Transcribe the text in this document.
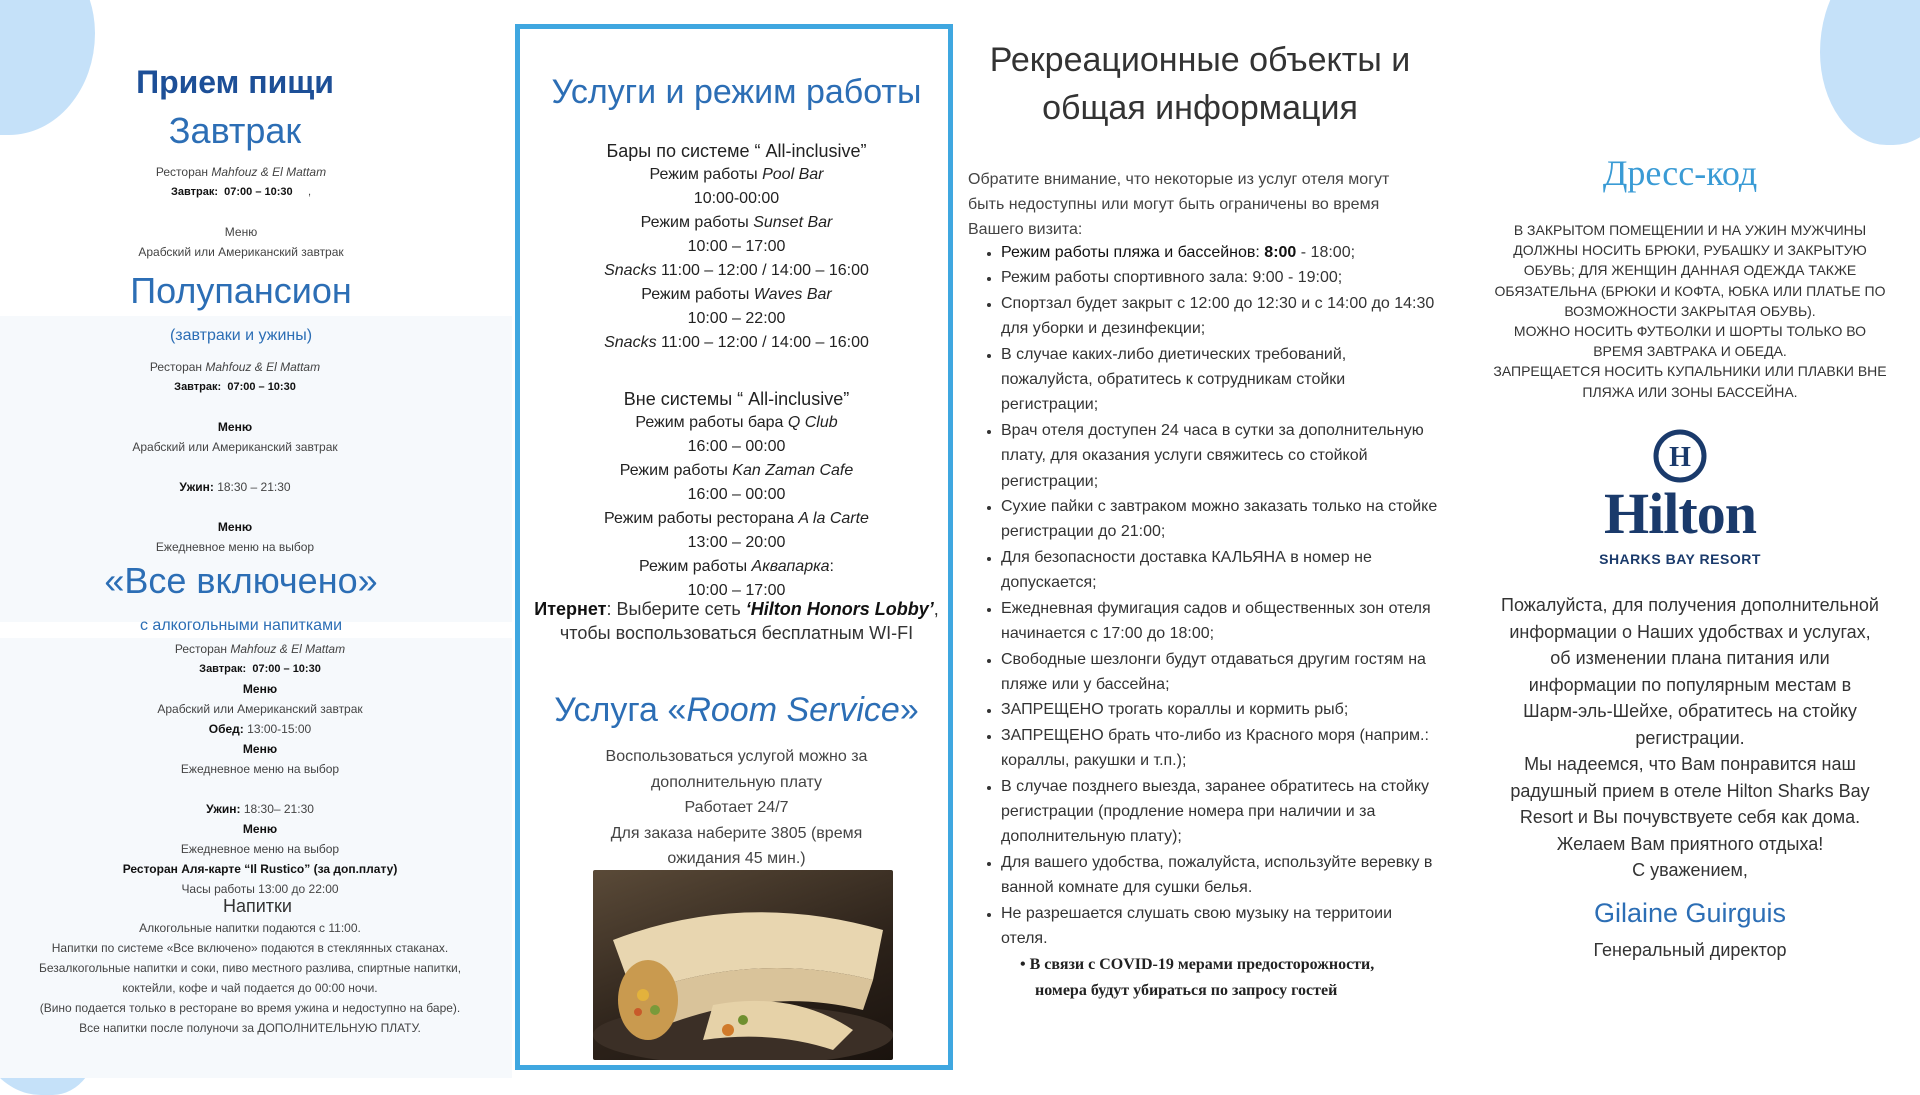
Прием пищи
Завтрак
Ресторан Mahfouz & El Mattam
Завтрак: 07:00 – 10:30 ,

Меню
Арабский или Американский завтрак
Полупансион
(завтраки и ужины)
Ресторан Mahfouz & El Mattam
Завтрак: 07:00 – 10:30

Меню
Арабский или Американский завтрак

Ужин: 18:30 – 21:30

Меню
Ежедневное меню на выбор
«Все включено»
с алкогольными напитками
Ресторан Mahfouz & El Mattam
Завтрак: 07:00 – 10:30
Меню
Арабский или Американский завтрак
Обед: 13:00-15:00
Меню
Ежедневное меню на выбор

Ужин: 18:30– 21:30
Меню
Ежедневное меню на выбор
Ресторан Аля-карте “Il Rustico” (за доп.плату)
Часы работы 13:00 до 22:00
Напитки
Алкогольные напитки подаются с 11:00.
Напитки по системе «Все включено» подаются в стеклянных стаканах.
Безалкогольные напитки и соки, пиво местного разлива, спиртные напитки,
коктейли, кофе и чай подается до 00:00 ночи.
(Вино подается только в ресторане во время ужина и недоступно на баре).
Все напитки после полуночи за ДОПОЛНИТЕЛЬНУЮ ПЛАТУ.
Услуги и режим работы
Бары по системе “ All-inclusive”
Режим работы Pool Bar
10:00-00:00
Режим работы Sunset Bar
10:00 – 17:00
Snacks 11:00 – 12:00 / 14:00 – 16:00
Режим работы Waves Bar
10:00 – 22:00
Snacks 11:00 – 12:00 / 14:00 – 16:00
Вне системы “ All-inclusive”
Режим работы бара Q Club
16:00 – 00:00
Режим работы Kan Zaman Cafe
16:00 – 00:00
Режим работы ресторана A la Carte
13:00 – 20:00
Режим работы Аквапарка:
10:00 – 17:00
Итернет: Выберите сеть ‘Hilton Honors Lobby’,
чтобы воспользоваться бесплатным WI-FI
Услуга «Room Service»
Воспользоваться услугой можно за
дополнительную плату
Работает 24/7
Для заказа наберите 3805 (время
ожидания 45 мин.)
Рекреационные объекты и
общая информация
Обратите внимание, что некоторые из услуг отеля могут
быть недоступны или могут быть ограничены во время
Вашего визита:
• Режим работы пляжа и бассейнов: 8:00 - 18:00;
• Режим работы спортивного зала: 9:00 - 19:00;
• Спортзал будет закрыт с 12:00 до 12:30 и с 14:00 до 14:30 для уборки и дезинфекции;
• В случае каких-либо диетических требований, пожалуйста, обратитесь к сотрудникам стойки регистрации;
• Врач отеля доступен 24 часа в сутки за дополнительную плату, для оказания услуги свяжитесь со стойкой регистрации;
• Сухие пайки с завтраком можно заказать только на стойке регистрации до 21:00;
• Для безопасности доставка КАЛЬЯНА в номер не допускается;
• Ежедневная фумигация садов и общественных зон отеля начинается с 17:00 до 18:00;
• Свободные шезлонги будут отдаваться другим гостям на пляже или у бассейна;
• ЗАПРЕЩЕНО трогать кораллы и кормить рыб;
• ЗАПРЕЩЕНО брать что-либо из Красного моря (наприм.: кораллы, ракушки и т.п.);
• В случае позднего выезда, заранее обратитесь на стойку регистрации (продление номера при наличии и за дополнительную плату);
• Для вашего удобства, пожалуйста, используйте веревку в ванной комнате для сушки белья.
• Не разрешается слушать свою музыку на территоии отеля.
• В связи с COVID-19 мерами предосторожности,
номера будут убираться по запросу гостей
Дресс-код
В ЗАКРЫТОМ ПОМЕЩЕНИИ И НА УЖИН МУЖЧИНЫ
ДОЛЖНЫ НОСИТЬ БРЮКИ, РУБАШКУ И ЗАКРЫТУЮ
ОБУВЬ; ДЛЯ ЖЕНЩИН ДАННАЯ ОДЕЖДА ТАКЖЕ
ОБЯЗАТЕЛЬНА (БРЮКИ И КОФТА, ЮБКА ИЛИ ПЛАТЬЕ ПО
ВОЗМОЖНОСТИ ЗАКРЫТАЯ ОБУВЬ).
МОЖНО НОСИТЬ ФУТБОЛКИ И ШОРТЫ ТОЛЬКО ВО
ВРЕМЯ ЗАВТРАКА И ОБЕДА.
ЗАПРЕЩАЕТСЯ НОСИТЬ КУПАЛЬНИКИ ИЛИ ПЛАВКИ ВНЕ
ПЛЯЖА ИЛИ ЗОНЫ БАССЕЙНА.
H
Hilton
SHARKS BAY RESORT
Пожалуйста, для получения дополнительной
информации о Наших удобствах и услугах,
об изменении плана питания или
информации по популярным местам в
Шарм-эль-Шейхе, обратитесь на стойку
регистрации.
Мы надеемся, что Вам понравится наш
радушный прием в отеле Hilton Sharks Bay
Resort и Вы почувствуете себя как дома.
Желаем Вам приятного отдыха!
С уважением,
Gilaine Guirguis
Генеральный директор
